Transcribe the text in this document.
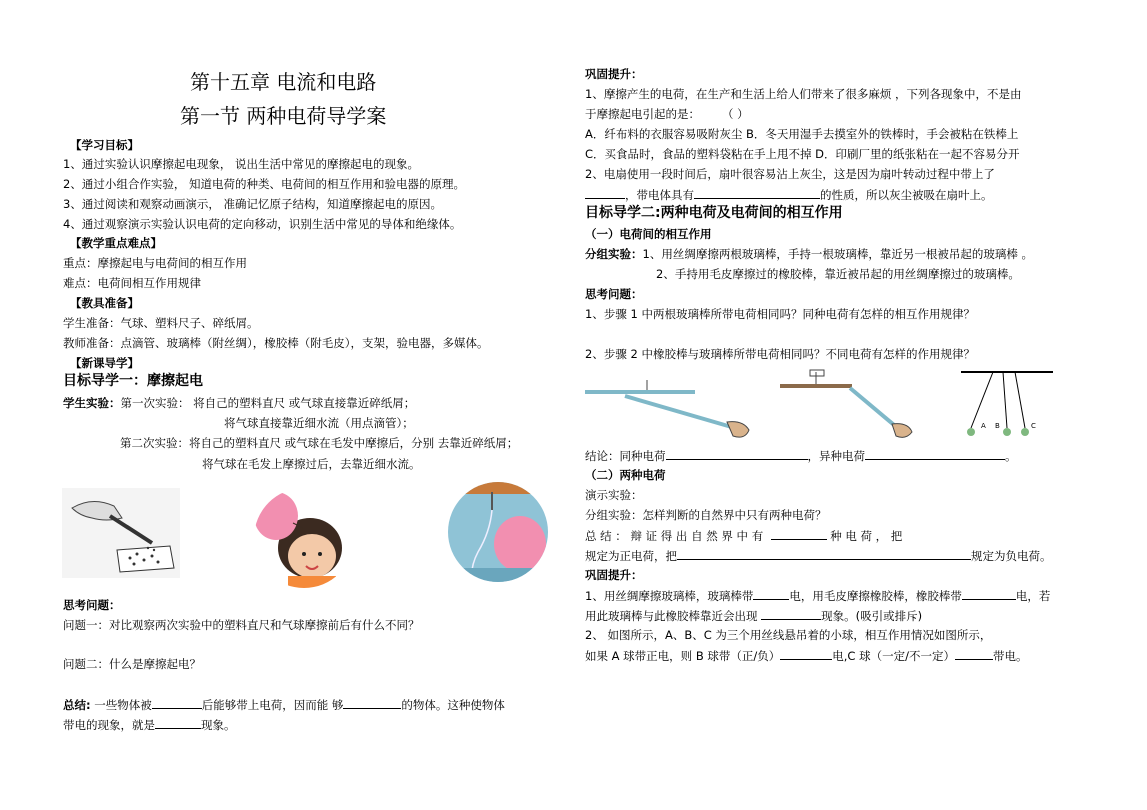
第十五章 电流和电路
第一节 两种电荷导学案
【学习目标】
1、通过实验认识摩擦起电现象， 说出生活中常见的摩擦起电的现象。
2、通过小组合作实验， 知道电荷的种类、电荷间的相互作用和验电器的原理。
3、通过阅读和观察动画演示， 准确记忆原子结构，知道摩擦起电的原因。
4、通过观察演示实验认识电荷的定向移动，识别生活中常见的导体和绝缘体。
【教学重点难点】
重点：摩擦起电与电荷间的相互作用
难点：电荷间相互作用规律
【教具准备】
学生准备：气球、塑料尺子、碎纸屑。
教师准备：点滴管、玻璃棒（附丝绸），橡胶棒（附毛皮），支架，验电器，多媒体。
【新课导学】
目标导学一：摩擦起电
学生实验：第一次实验： 将自己的塑料直尺 或气球直接靠近碎纸屑；
将气球直接靠近细水流（用点滴管）；
第二次实验：将自己的塑料直尺 或气球在毛发中摩擦后，分别 去靠近碎纸屑；
将气球在毛发上摩擦过后，去靠近细水流。
思考问题：
问题一：对比观察两次实验中的塑料直尺和气球摩擦前后有什么不同？
问题二：什么是摩擦起电？
总结: 一些物体被	后能够带上电荷，因而能 够	的物体。这种使物体
带电的现象，就是	现象。
巩固提升：
1、摩擦产生的电荷，在生产和生活上给人们带来了很多麻烦 ，下列各现象中，不是由
于摩擦起电引起的是： （ ）
A．纤布料的衣服容易吸附灰尘 B．冬天用湿手去摸室外的铁棒时，手会被粘在铁棒上
C．买食品时，食品的塑料袋粘在手上甩不掉 D．印刷厂里的纸张粘在一起不容易分开
2、电扇使用一段时间后，扇叶很容易沾上灰尘，这是因为扇叶转动过程中带上了
，带电体具有	的性质，所以灰尘被吸在扇叶上。
目标导学二:两种电荷及电荷间的相互作用
（一）电荷间的相互作用
分组实验：1、用丝绸摩擦两根玻璃棒，手持一根玻璃棒，靠近另一根被吊起的玻璃棒 。
2、手持用毛皮摩擦过的橡胶棒，靠近被吊起的用丝绸摩擦过的玻璃棒。
思考问题：
1、步骤 1 中两根玻璃棒所带电荷相同吗？同种电荷有怎样的相互作用规律？
2、步骤 2 中橡胶棒与玻璃棒所带电荷相同吗？不同电荷有怎样的作用规律？
A B	C
结论：同种电荷	，异种电荷	。
（二）两种电荷
演示实验：
分组实验：怎样判断的自然界中只有两种电荷？
总 结 ： 辩 证 得 出 自 然 界 中 有	种 电 荷 ， 把
规定为正电荷，把	规定为负电荷。
巩固提升：
1、用丝绸摩擦玻璃棒，玻璃棒带	电，用毛皮摩擦橡胶棒，橡胶棒带	电，若
用此玻璃棒与此橡胶棒靠近会出现	现象。(吸引或排斥)
2、 如图所示，A、B、C 为三个用丝线悬吊着的小球，相互作用情况如图所示，
如果 A 球带正电，则 B 球带（正/负）	电,C 球（一定/不一定）	带电。
